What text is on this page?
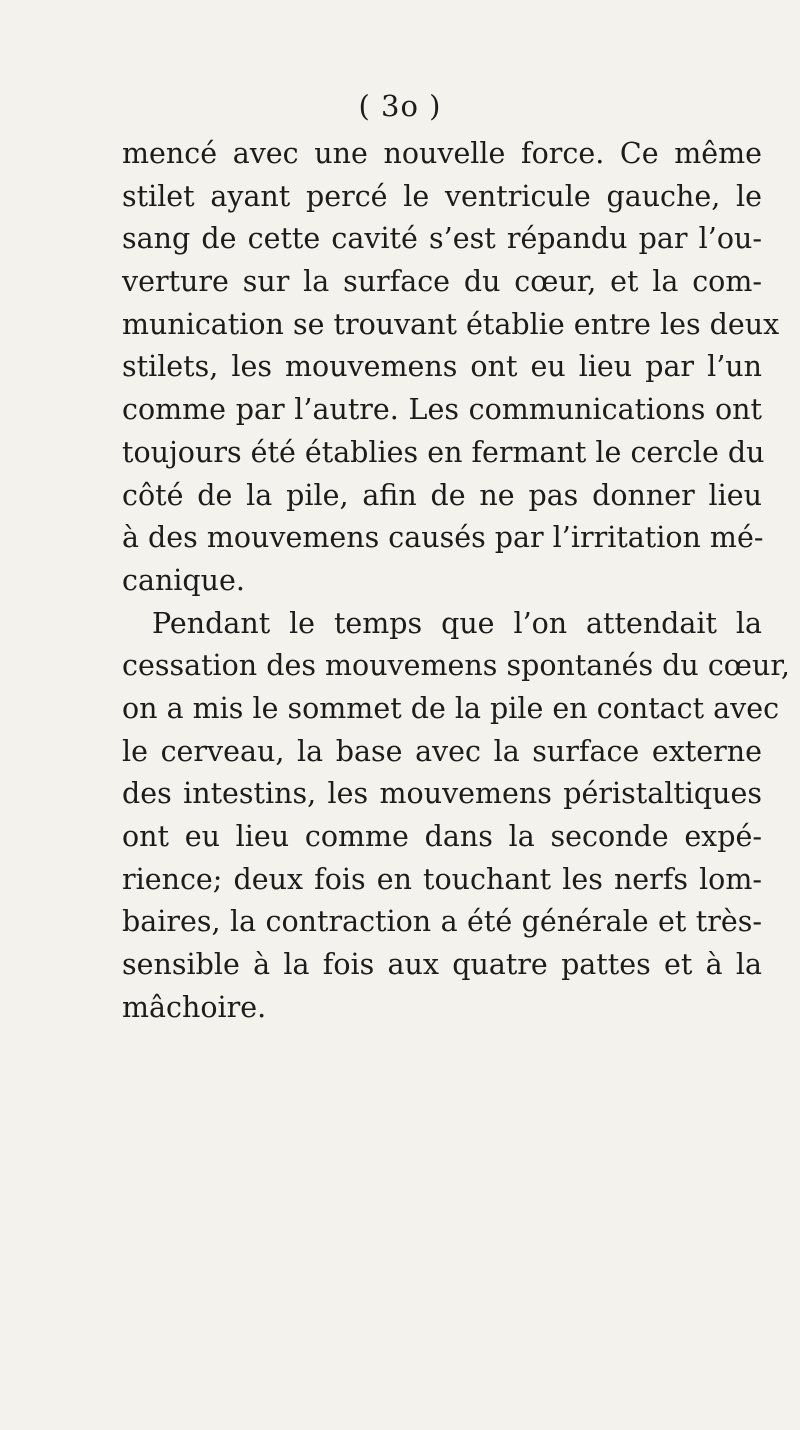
( 3o )
mencé avec une nouvelle force. Ce même
stilet ayant percé le ventricule gauche, le
sang de cette cavité s’est répandu par l’ou-
verture sur la surface du cœur, et la com-
munication se trouvant établie entre les deux
stilets, les mouvemens ont eu lieu par l’un
comme par l’autre. Les communications ont
toujours été établies en fermant le cercle du
côté de la pile, afin de ne pas donner lieu
à des mouvemens causés par l’irritation mé-
canique.
Pendant le temps que l’on attendait la
cessation des mouvemens spontanés du cœur,
on a mis le sommet de la pile en contact avec
le cerveau, la base avec la surface externe
des intestins, les mouvemens péristaltiques
ont eu lieu comme dans la seconde expé-
rience; deux fois en touchant les nerfs lom-
baires, la contraction a été générale et très-
sensible à la fois aux quatre pattes et à la
mâchoire.
